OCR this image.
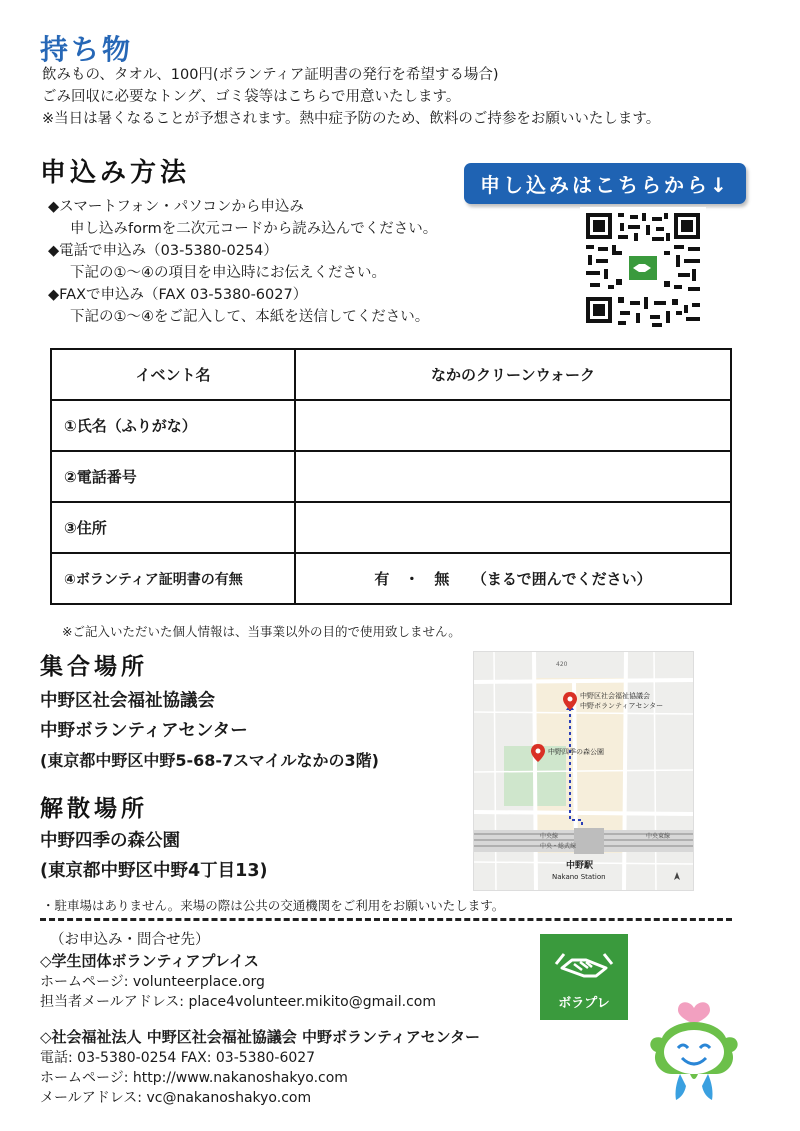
持ち物
飲みもの、タオル、100円(ボランティア証明書の発行を希望する場合)
ごみ回収に必要なトング、ゴミ袋等はこちらで用意いたします。
※当日は暑くなることが予想されます。熱中症予防のため、飲料のご持参をお願いいたします。
申込み方法	申し込みはこちらから↓
◆スマートフォン・パソコンから申込み
申し込みformを二次元コードから読み込んでください。
◆電話で申込み（03-5380-0254）
下記の①～④の項目を申込時にお伝えください。
◆FAXで申込み（FAX 03-5380-6027）
下記の①～④をご記入して、本紙を送信してください。
イベント名	なかのクリーンウォーク
①氏名（ふりがな）	
②電話番号	
③住所	
④ボランティア証明書の有無	有　・　無　　（まるで囲んでください）
※ご記入いただいた個人情報は、当事業以外の目的で使用致しません。
集合場所
中野区社会福祉協議会
中野ボランティアセンター
(東京都中野区中野5-68-7スマイルなかの3階)
解散場所
中野四季の森公園
(東京都中野区中野4丁目13)
中野区社会福祉協議会
中野ボランティアセンター
中野四季の森公園
420
中央線
中央・総武線
中央東線
中野駅
Nakano Station
・駐車場はありません。来場の際は公共の交通機関をご利用をお願いいたします。
（お申込み・問合せ先）
◇学生団体ボランティアプレイス
ホームページ: volunteerplace.org
担当者メールアドレス: place4volunteer.mikito@gmail.com
◇社会福祉法人 中野区社会福祉協議会 中野ボランティアセンター
電話: 03-5380-0254 FAX: 03-5380-6027
ホームページ: http://www.nakanoshakyo.com
メールアドレス: vc@nakanoshakyo.com
ボラプレ
